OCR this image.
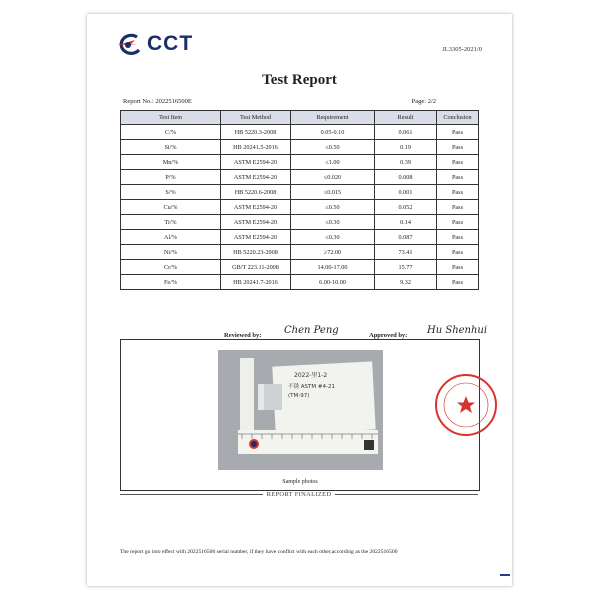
CCT	JL3305-2021/0
Test Report
Report No.: 2022516500E	Page: 2/2
Test Item	Test Method	Requirement	Result	Conclusion
C/%	HB 5220.3-2008	0.05-0.10	0.061	Pass
Si/%	HB 20241.5-2016	≤0.50	0.19	Pass
Mn/%	ASTM E2594-20	≤1.00	0.39	Pass
P/%	ASTM E2594-20	≤0.020	0.008	Pass
S/%	HB 5220.6-2008	≤0.015	0.001	Pass
Cu/%	ASTM E2594-20	≤0.50	0.052	Pass
Ti/%	ASTM E2594-20	≤0.30	0.14	Pass
Al/%	ASTM E2594-20	≤0.30	0.087	Pass
Ni/%	HB 5220.23-2008	≥72.00	73.41	Pass
Cr/%	GB/T 223.11-2008	14.00-17.00	15.77	Pass
Fe/%	HB 20241.7-2016	6.00-10.00	9.32	Pass
Reviewed by: Chen Peng	Approved by: Hu Shenhui
2022-里1-2
不锈 ASTM #4-21
(TM-97)
Sample photos
REPORT FINALIZED
The report go into effect with 2022516500 serial number, if they have conflict with each other,according as the 2022516500
